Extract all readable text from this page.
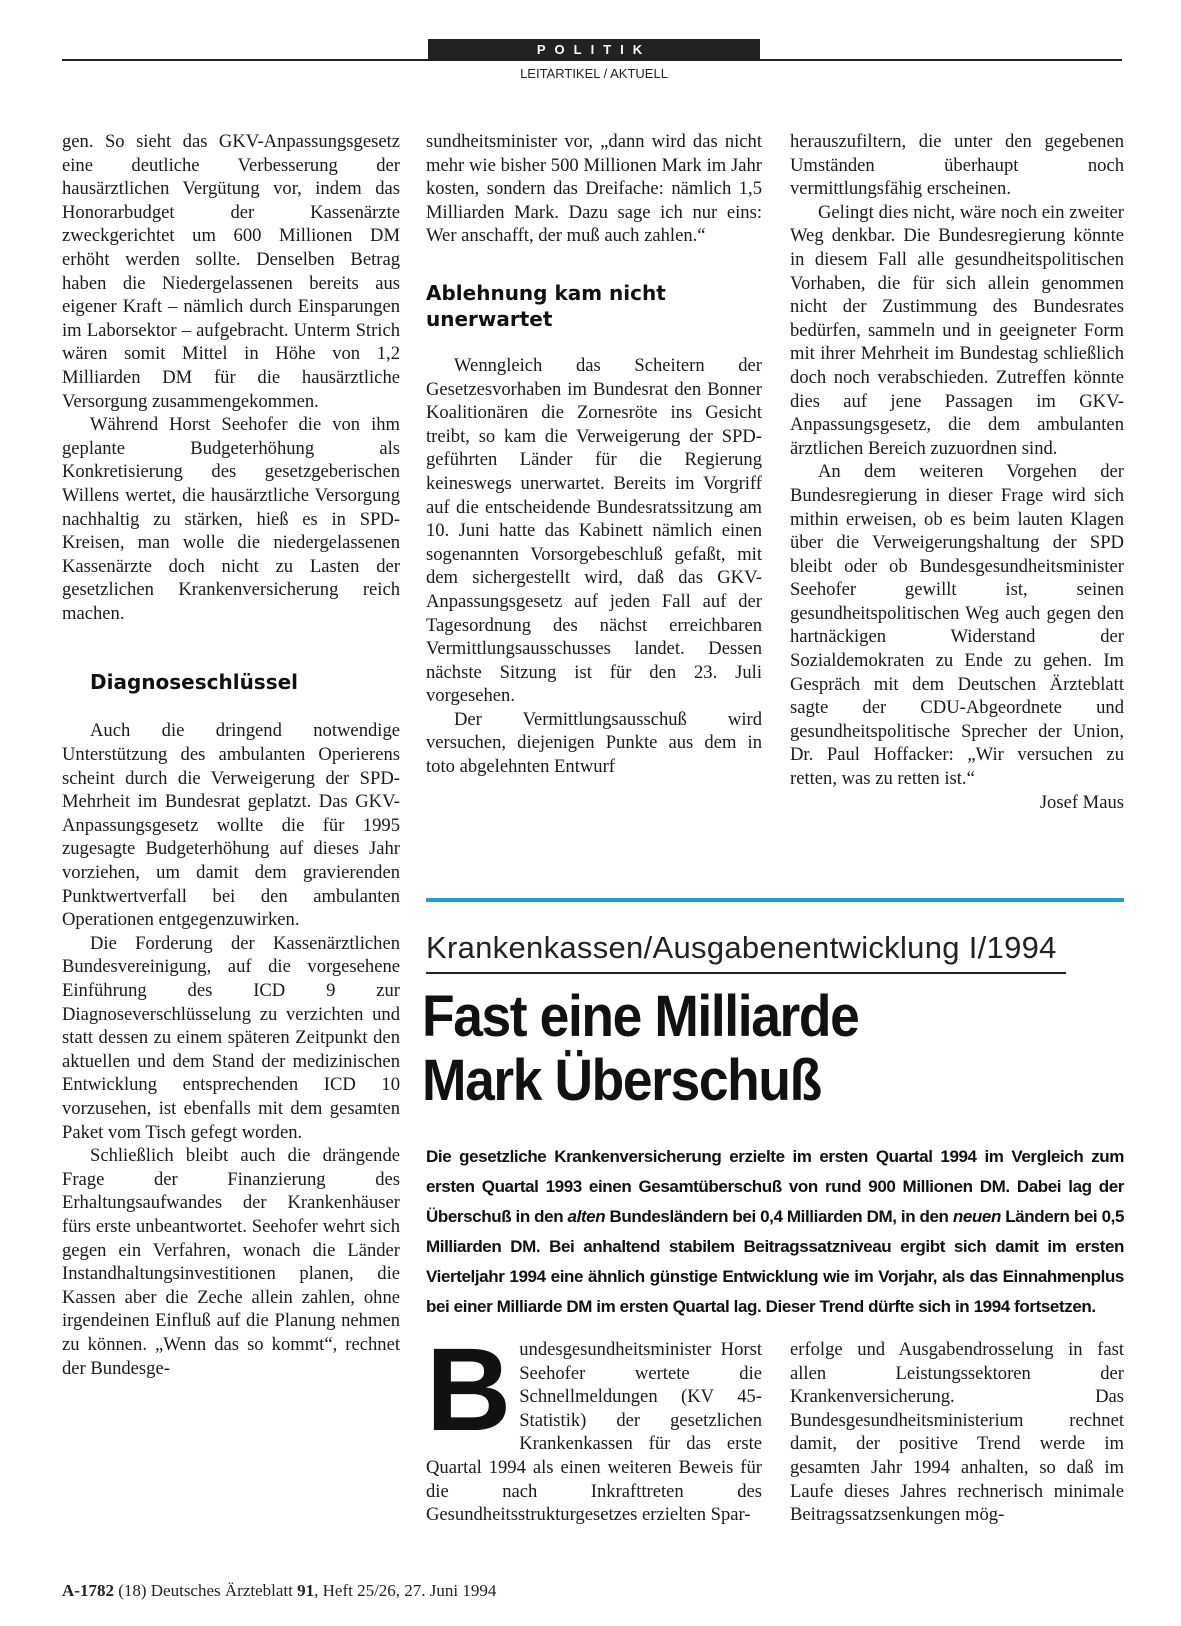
POLITIK
LEITARTIKEL / AKTUELL

gen. So sieht das GKV-Anpassungsgesetz eine deutliche Verbesserung der hausärztlichen Vergütung vor, indem das Honorarbudget der Kassenärzte zweckgerichtet um 600 Millionen DM erhöht werden sollte. Denselben Betrag haben die Niedergelassenen bereits aus eigener Kraft – nämlich durch Einsparungen im Laborsektor – aufgebracht. Unterm Strich wären somit Mittel in Höhe von 1,2 Milliarden DM für die hausärztliche Versorgung zusammengekommen.

Während Horst Seehofer die von ihm geplante Budgeterhöhung als Konkretisierung des gesetzgeberischen Willens wertet, die hausärztliche Versorgung nachhaltig zu stärken, hieß es in SPD-Kreisen, man wolle die niedergelassenen Kassenärzte doch nicht zu Lasten der gesetzlichen Krankenversicherung reich machen.

Diagnoseschlüssel

Auch die dringend notwendige Unterstützung des ambulanten Operierens scheint durch die Verweigerung der SPD-Mehrheit im Bundesrat geplatzt. Das GKV-Anpassungsgesetz wollte die für 1995 zugesagte Budgeterhöhung auf dieses Jahr vorziehen, um damit dem gravierenden Punktwertverfall bei den ambulanten Operationen entgegenzuwirken.

Die Forderung der Kassenärztlichen Bundesvereinigung, auf die vorgesehene Einführung des ICD 9 zur Diagnoseverschlüsselung zu verzichten und statt dessen zu einem späteren Zeitpunkt den aktuellen und dem Stand der medizinischen Entwicklung entsprechenden ICD 10 vorzusehen, ist ebenfalls mit dem gesamten Paket vom Tisch gefegt worden.

Schließlich bleibt auch die drängende Frage der Finanzierung des Erhaltungsaufwandes der Krankenhäuser fürs erste unbeantwortet. Seehofer wehrt sich gegen ein Verfahren, wonach die Länder Instandhaltungsinvestitionen planen, die Kassen aber die Zeche allein zahlen, ohne irgendeinen Einfluß auf die Planung nehmen zu können. „Wenn das so kommt“, rechnet der Bundesge-

sundheitsminister vor, „dann wird das nicht mehr wie bisher 500 Millionen Mark im Jahr kosten, sondern das Dreifache: nämlich 1,5 Milliarden Mark. Dazu sage ich nur eins: Wer anschafft, der muß auch zahlen.“

Ablehnung kam nicht unerwartet

Wenngleich das Scheitern der Gesetzesvorhaben im Bundesrat den Bonner Koalitionären die Zornesröte ins Gesicht treibt, so kam die Verweigerung der SPD-geführten Länder für die Regierung keineswegs unerwartet. Bereits im Vorgriff auf die entscheidende Bundesratssitzung am 10. Juni hatte das Kabinett nämlich einen sogenannten Vorsorgebeschluß gefaßt, mit dem sichergestellt wird, daß das GKV-Anpassungsgesetz auf jeden Fall auf der Tagesordnung des nächst erreichbaren Vermittlungsausschusses landet. Dessen nächste Sitzung ist für den 23. Juli vorgesehen.

Der Vermittlungsausschuß wird versuchen, diejenigen Punkte aus dem in toto abgelehnten Entwurf

herauszufiltern, die unter den gegebenen Umständen überhaupt noch vermittlungsfähig erscheinen.

Gelingt dies nicht, wäre noch ein zweiter Weg denkbar. Die Bundesregierung könnte in diesem Fall alle gesundheitspolitischen Vorhaben, die für sich allein genommen nicht der Zustimmung des Bundesrates bedürfen, sammeln und in geeigneter Form mit ihrer Mehrheit im Bundestag schließlich doch noch verabschieden. Zutreffen könnte dies auf jene Passagen im GKV-Anpassungsgesetz, die dem ambulanten ärztlichen Bereich zuzuordnen sind.

An dem weiteren Vorgehen der Bundesregierung in dieser Frage wird sich mithin erweisen, ob es beim lauten Klagen über die Verweigerungshaltung der SPD bleibt oder ob Bundesgesundheitsminister Seehofer gewillt ist, seinen gesundheitspolitischen Weg auch gegen den hartnäckigen Widerstand der Sozialdemokraten zu Ende zu gehen. Im Gespräch mit dem Deutschen Ärzteblatt sagte der CDU-Abgeordnete und gesundheitspolitische Sprecher der Union, Dr. Paul Hoffacker: „Wir versuchen zu retten, was zu retten ist.“

Josef Maus

Krankenkassen/Ausgabenentwicklung I/1994
Fast eine Milliarde
Mark Überschuß
Die gesetzliche Krankenversicherung erzielte im ersten Quartal 1994 im Vergleich zum ersten Quartal 1993 einen Gesamtüberschuß von rund 900 Millionen DM. Dabei lag der Überschuß in den alten Bundesländern bei 0,4 Milliarden DM, in den neuen Ländern bei 0,5 Milliarden DM. Bei anhaltend stabilem Beitragssatzniveau ergibt sich damit im ersten Vierteljahr 1994 eine ähnlich günstige Entwicklung wie im Vorjahr, als das Einnahmenplus bei einer Milliarde DM im ersten Quartal lag. Dieser Trend dürfte sich in 1994 fortsetzen.

Bundesgesundheitsminister Horst Seehofer wertete die Schnellmeldungen (KV 45-Statistik) der gesetzlichen Krankenkassen für das erste Quartal 1994 als einen weiteren Beweis für die nach Inkrafttreten des Gesundheitsstrukturgesetzes erzielten Spar-

erfolge und Ausgabendrosselung in fast allen Leistungssektoren der Krankenversicherung. Das Bundesgesundheitsministerium rechnet damit, der positive Trend werde im gesamten Jahr 1994 anhalten, so daß im Laufe dieses Jahres rechnerisch minimale Beitragssatzsenkungen mög-

A-1782 (18) Deutsches Ärzteblatt 91, Heft 25/26, 27. Juni 1994
